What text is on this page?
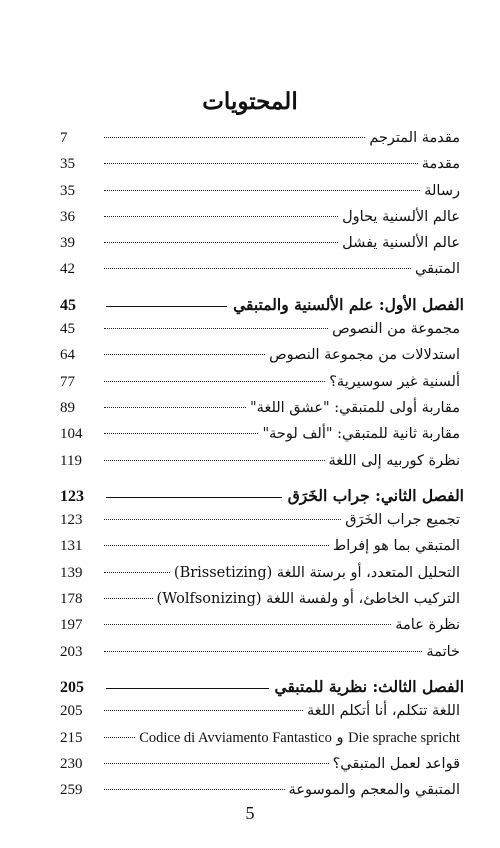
المحتويات
مقدمة المترجم
7
مقدمة
35
رسالة
35
عالم الألسنية يحاول
36
عالم الألسنية يفشل
39
المتبقي
42
الفصل الأول: علم الألسنية والمتبقي
45
مجموعة من النصوص
45
استدلالات من مجموعة النصوص
64
ألسنية غير سوسيرية؟
77
مقاربة أولى للمتبقي: "عشق اللغة"
89
مقاربة ثانية للمتبقي: "ألف لوحة"
104
نظرة كوربيه إلى اللغة
119
الفصل الثاني: جراب الخَرَق
123
تجميع جراب الخَرَق
123
المتبقي بما هو إفراط
131
التحليل المتعدد، أو برستة اللغة (Brissetizing)
139
التركيب الخاطئ، أو ولفسة اللغة (Wolfsonizing)
178
نظرة عامة
197
خاتمة
203
الفصل الثالث: نظرية للمتبقي
205
اللغة تتكلم، أنا أتكلم اللغة
205
Die sprache spricht و Codice di Avviamento Fantastico
215
قواعد لعمل المتبقي؟
230
المتبقي والمعجم والموسوعة
259
5
